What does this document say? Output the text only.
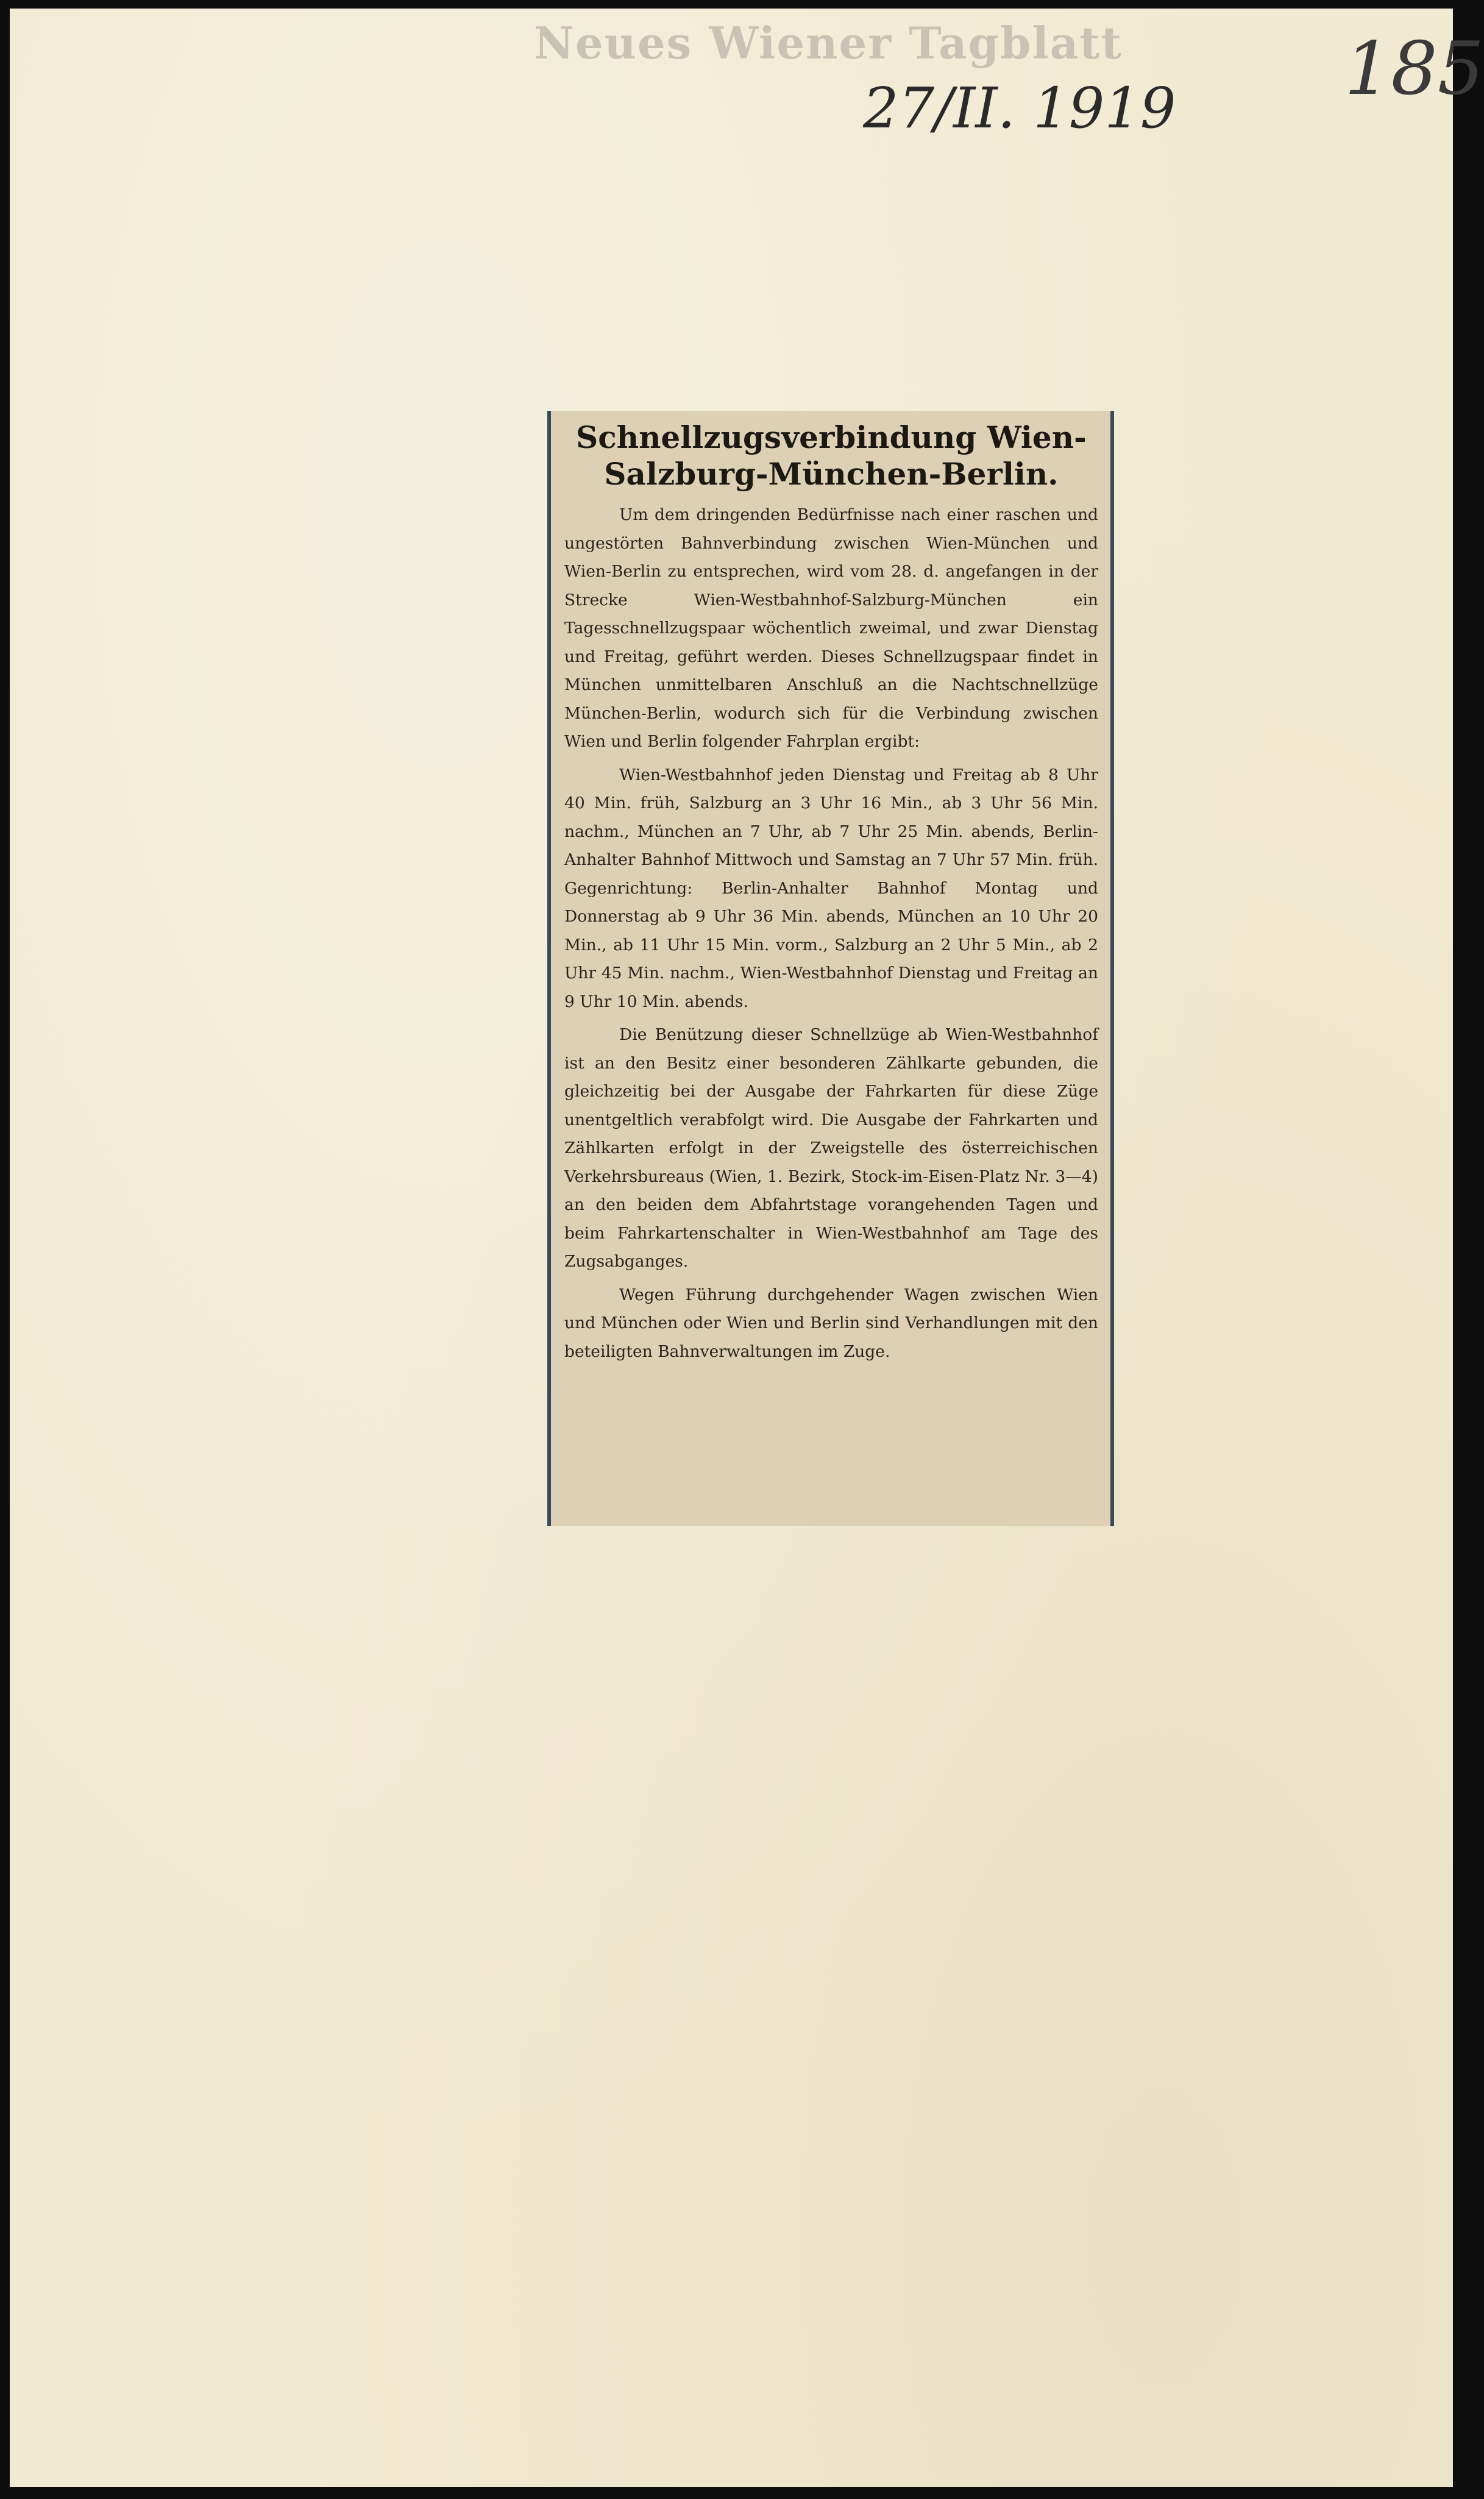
Neues Wiener Tagblatt
27/II. 1919 185
Schnellzugsverbindung Wien-Salzburg-München-Berlin.

Um dem dringenden Bedürfnisse nach einer raschen und ungestörten Bahnverbindung zwischen Wien-München und Wien-Berlin zu entsprechen, wird vom 28. d. angefangen in der Strecke Wien-Westbahnhof-Salzburg-München ein Tagesschnellzugspaar wöchentlich zweimal, und zwar Dienstag und Freitag, geführt werden. Dieses Schnellzugspaar findet in München unmittelbaren Anschluß an die Nachtschnellzüge München-Berlin, wodurch sich für die Verbindung zwischen Wien und Berlin folgender Fahrplan ergibt:

Wien-Westbahnhof jeden Dienstag und Freitag ab 8 Uhr 40 Min. früh, Salzburg an 3 Uhr 16 Min., ab 3 Uhr 56 Min. nachm., München an 7 Uhr, ab 7 Uhr 25 Min. abends, Berlin-Anhalter Bahnhof Mittwoch und Samstag an 7 Uhr 57 Min. früh. Gegenrichtung: Berlin-Anhalter Bahnhof Montag und Donnerstag ab 9 Uhr 36 Min. abends, München an 10 Uhr 20 Min., ab 11 Uhr 15 Min. vorm., Salzburg an 2 Uhr 5 Min., ab 2 Uhr 45 Min. nachm., Wien-Westbahnhof Dienstag und Freitag an 9 Uhr 10 Min. abends.

Die Benützung dieser Schnellzüge ab Wien-Westbahnhof ist an den Besitz einer besonderen Zählkarte gebunden, die gleichzeitig bei der Ausgabe der Fahrkarten für diese Züge unentgeltlich verabfolgt wird. Die Ausgabe der Fahrkarten und Zählkarten erfolgt in der Zweigstelle des österreichischen Verkehrsbureaus (Wien, 1. Bezirk, Stock-im-Eisen-Platz Nr. 3—4) an den beiden dem Abfahrtstage vorangehenden Tagen und beim Fahrkartenschalter in Wien-Westbahnhof am Tage des Zugsabganges.

Wegen Führung durchgehender Wagen zwischen Wien und München oder Wien und Berlin sind Verhandlungen mit den beteiligten Bahnverwaltungen im Zuge.
